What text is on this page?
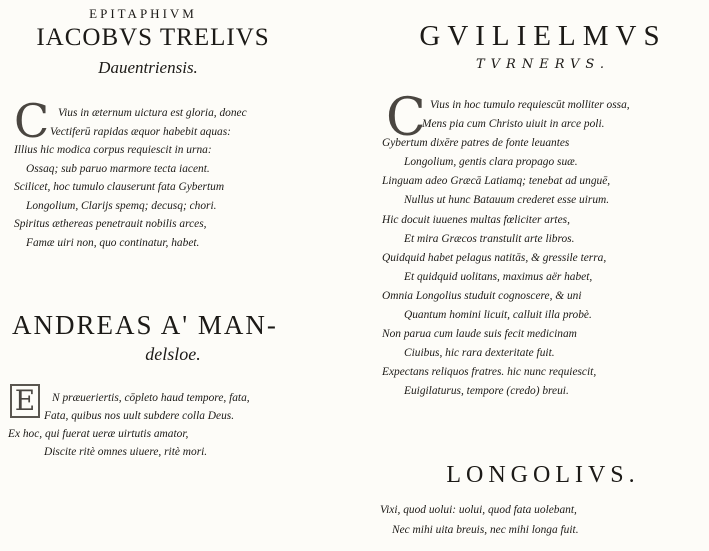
EPITAPHIVM
IACOBVS TRELIVS
Dauentriensis.
C Vius in æternum uictura est gloria, donec
Vectiferū rapidas æquor habebit aquas:
Illius hic modica corpus requiescit in urna:
Ossaq; sub paruo marmore tecta iacent.
Scilicet, hoc tumulo clauserunt fata Gybertum
Longolium, Clarijs spemq; decusq; chori.
Spiritus æthereas penetrauit nobilis arces,
Famæ uiri non, quo continatur, habet.
ANDREAS A' MAN-
delsloe.
E	N præueriertis, cōpleto haud tempore, fata,
Fata, quibus nos uult subdere colla Deus.
Ex hoc, qui fuerat ueræ uirtutis amator,
Discite ritè omnes uiuere, ritè mori.
GVILIELMVS
TVRNERVS.
C Vius in hoc tumulo requiescūt molliter ossa,
Mens pia cum Christo uiuit in arce poli.
Gybertum dixēre patres de fonte leuantes
Longolium, gentis clara propago suæ.
Linguam adeo Græcā Latiamq; tenebat ad unguē,
Nullus ut hunc Batauum crederet esse uirum.
Hic docuit iuuenes multas fœliciter artes,
Et mira Græcos transtulit arte libros.
Quidquid habet pelagus natitās, & gressile terra,
Et quidquid uolitans, maximus aër habet,
Omnia Longolius studuit cognoscere, & uni
Quantum homini licuit, calluit illa probè.
Non parua cum laude suis fecit medicinam
Ciuibus, hic rara dexteritate fuit.
Expectans reliquos fratres. hic nunc requiescit,
Euigilaturus, tempore (credo) breui.
LONGOLIVS.
Vixi, quod uolui: uolui, quod fata uolebant,
Nec mihi uita breuis, nec mihi longa fuit.
